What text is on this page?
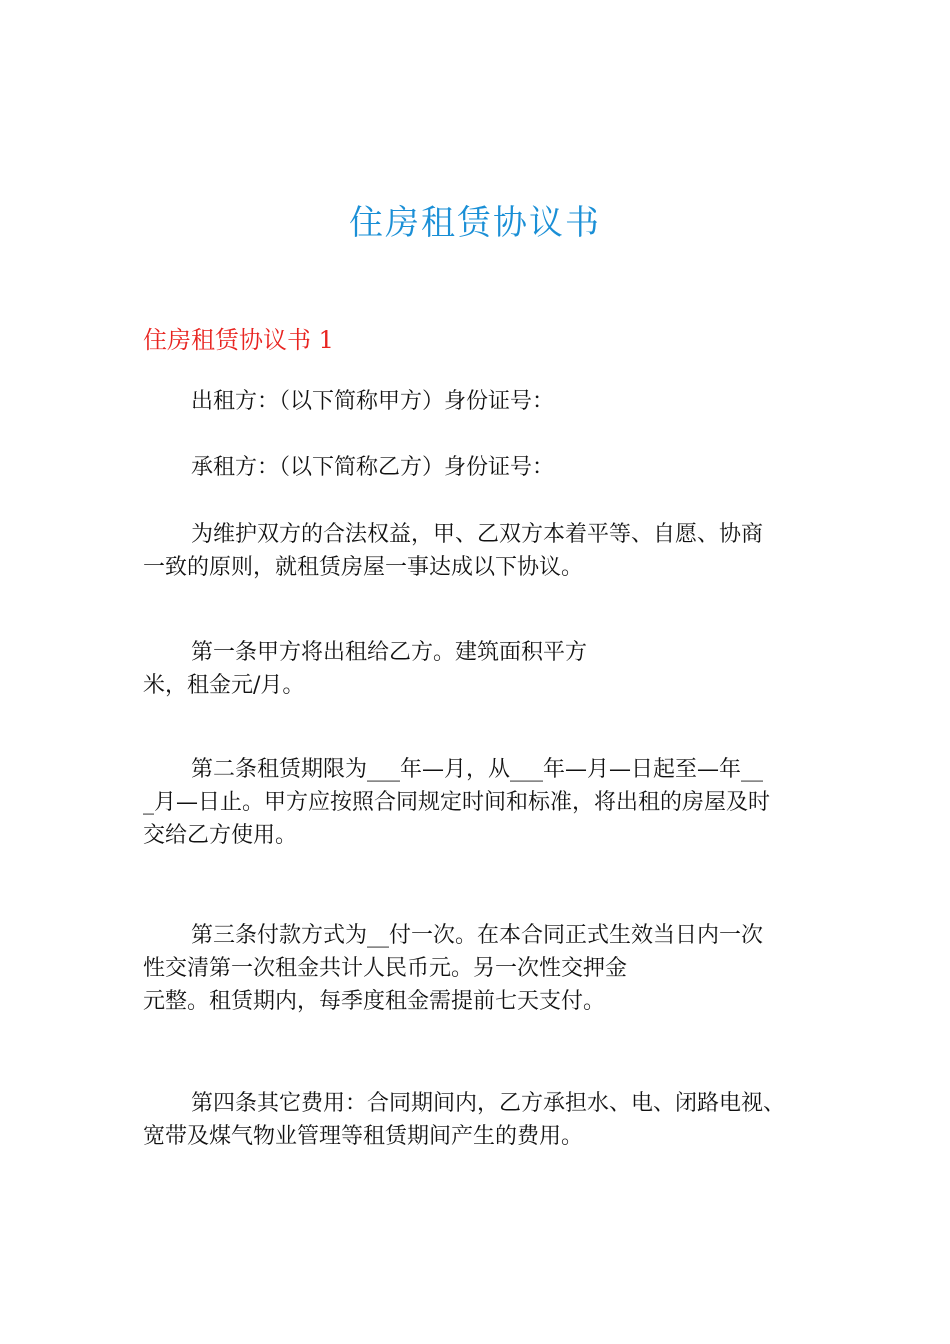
住房租赁协议书
住房租赁协议书 1
出租方：（以下简称甲方）身份证号：
承租方：（以下简称乙方）身份证号：
为维护双方的合法权益，甲、乙双方本着平等、自愿、协商
一致的原则，就租赁房屋一事达成以下协议。
第一条甲方将出租给乙方。建筑面积平方
米，租金元/月。
第二条租赁期限为___年—月，从___年—月—日起至—年__
_月—日止。甲方应按照合同规定时间和标准，将出租的房屋及时
交给乙方使用。
第三条付款方式为__付一次。在本合同正式生效当日内一次
性交清第一次租金共计人民币元。另一次性交押金
元整。租赁期内，每季度租金需提前七天支付。
第四条其它费用：合同期间内，乙方承担水、电、闭路电视、
宽带及煤气物业管理等租赁期间产生的费用。
